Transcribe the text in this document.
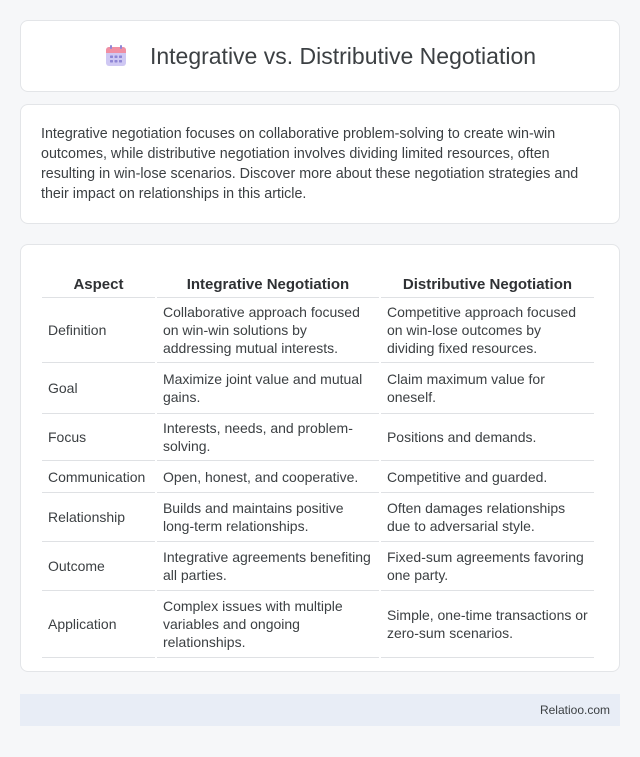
Integrative vs. Distributive Negotiation

Integrative negotiation focuses on collaborative problem-solving to create win-win outcomes, while distributive negotiation involves dividing limited resources, often resulting in win-lose scenarios. Discover more about these negotiation strategies and their impact on relationships in this article.

Aspect	Integrative Negotiation	Distributive Negotiation
Definition	Collaborative approach focused on win-win solutions by addressing mutual interests.	Competitive approach focused on win-lose outcomes by dividing fixed resources.
Goal	Maximize joint value and mutual gains.	Claim maximum value for oneself.
Focus	Interests, needs, and problem-solving.	Positions and demands.
Communication	Open, honest, and cooperative.	Competitive and guarded.
Relationship	Builds and maintains positive long-term relationships.	Often damages relationships due to adversarial style.
Outcome	Integrative agreements benefiting all parties.	Fixed-sum agreements favoring one party.
Application	Complex issues with multiple variables and ongoing relationships.	Simple, one-time transactions or zero-sum scenarios.
Relatioo.com
